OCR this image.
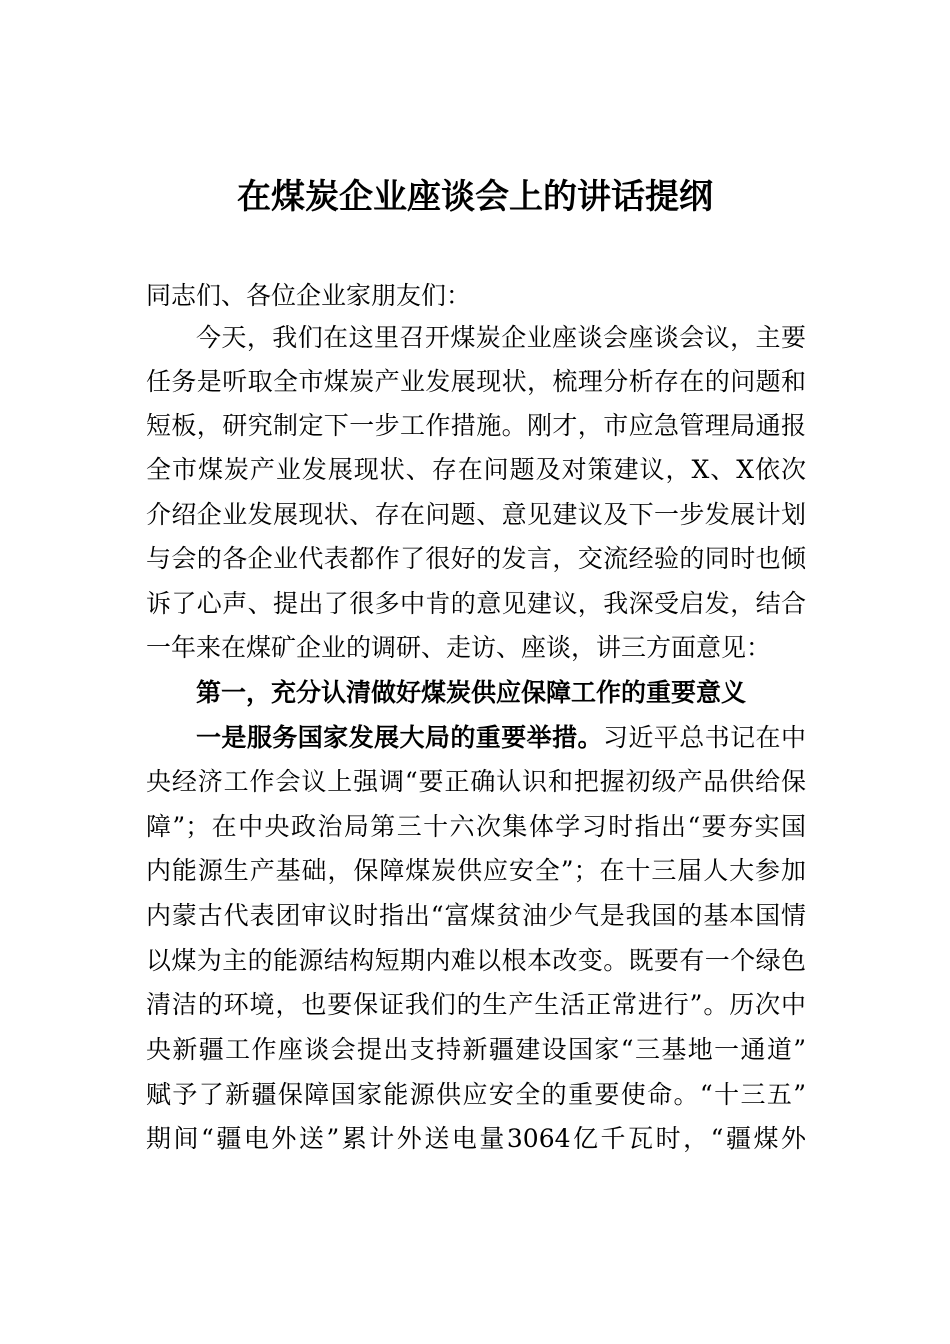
在煤炭企业座谈会上的讲话提纲
同志们、各位企业家朋友们：
今天，我们在这里召开煤炭企业座谈会座谈会议，主要
任务是听取全市煤炭产业发展现状，梳理分析存在的问题和
短板，研究制定下一步工作措施。刚才，市应急管理局通报
全市煤炭产业发展现状、存在问题及对策建议，X、X依次
介绍企业发展现状、存在问题、意见建议及下一步发展计划
与会的各企业代表都作了很好的发言，交流经验的同时也倾
诉了心声、提出了很多中肯的意见建议，我深受启发，结合
一年来在煤矿企业的调研、走访、座谈，讲三方面意见：
第一，充分认清做好煤炭供应保障工作的重要意义
一是服务国家发展大局的重要举措。习近平总书记在中
央经济工作会议上强调“要正确认识和把握初级产品供给保
障”；在中央政治局第三十六次集体学习时指出“要夯实国
内能源生产基础，保障煤炭供应安全”；在十三届人大参加
内蒙古代表团审议时指出“富煤贫油少气是我国的基本国情
以煤为主的能源结构短期内难以根本改变。既要有一个绿色
清洁的环境，也要保证我们的生产生活正常进行”。历次中
央新疆工作座谈会提出支持新疆建设国家“三基地一通道”
赋予了新疆保障国家能源供应安全的重要使命。“十三五”
期间“疆电外送”累计外送电量3064亿千瓦时，“疆煤外
